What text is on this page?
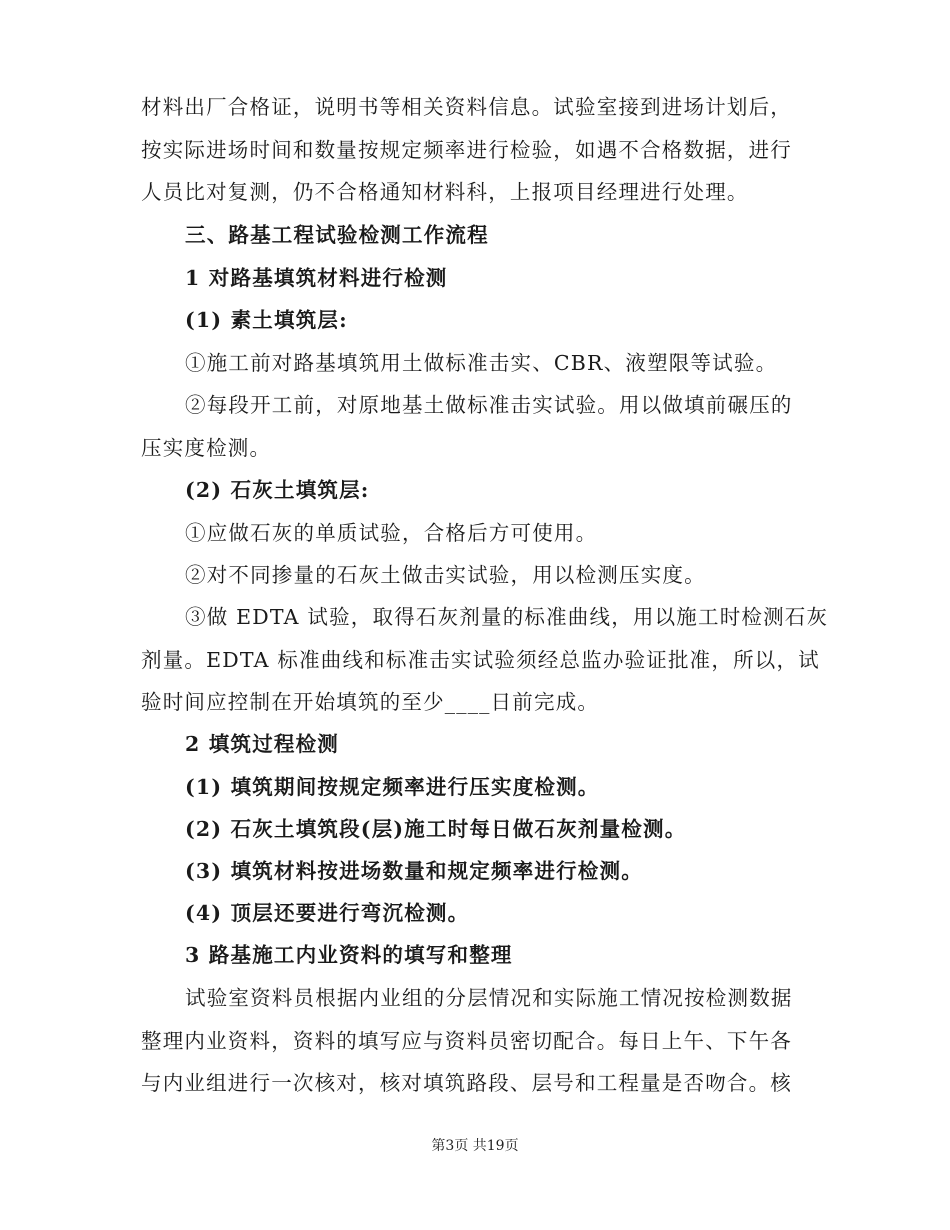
材料出厂合格证，说明书等相关资料信息。试验室接到进场计划后，
按实际进场时间和数量按规定频率进行检验，如遇不合格数据，进行
人员比对复测，仍不合格通知材料科，上报项目经理进行处理。
三、路基工程试验检测工作流程
1 对路基填筑材料进行检测
(1) 素土填筑层:
①施工前对路基填筑用土做标准击实、CBR、液塑限等试验。
②每段开工前，对原地基土做标准击实试验。用以做填前碾压的
压实度检测。
(2) 石灰土填筑层:
①应做石灰的单质试验，合格后方可使用。
②对不同掺量的石灰土做击实试验，用以检测压实度。
③做 EDTA 试验，取得石灰剂量的标准曲线，用以施工时检测石灰
剂量。EDTA 标准曲线和标准击实试验须经总监办验证批准，所以，试
验时间应控制在开始填筑的至少____日前完成。
2 填筑过程检测
(1) 填筑期间按规定频率进行压实度检测。
(2) 石灰土填筑段(层)施工时每日做石灰剂量检测。
(3) 填筑材料按进场数量和规定频率进行检测。
(4) 顶层还要进行弯沉检测。
3 路基施工内业资料的填写和整理
试验室资料员根据内业组的分层情况和实际施工情况按检测数据
整理内业资料，资料的填写应与资料员密切配合。每日上午、下午各
与内业组进行一次核对，核对填筑路段、层号和工程量是否吻合。核
第3页 共19页
